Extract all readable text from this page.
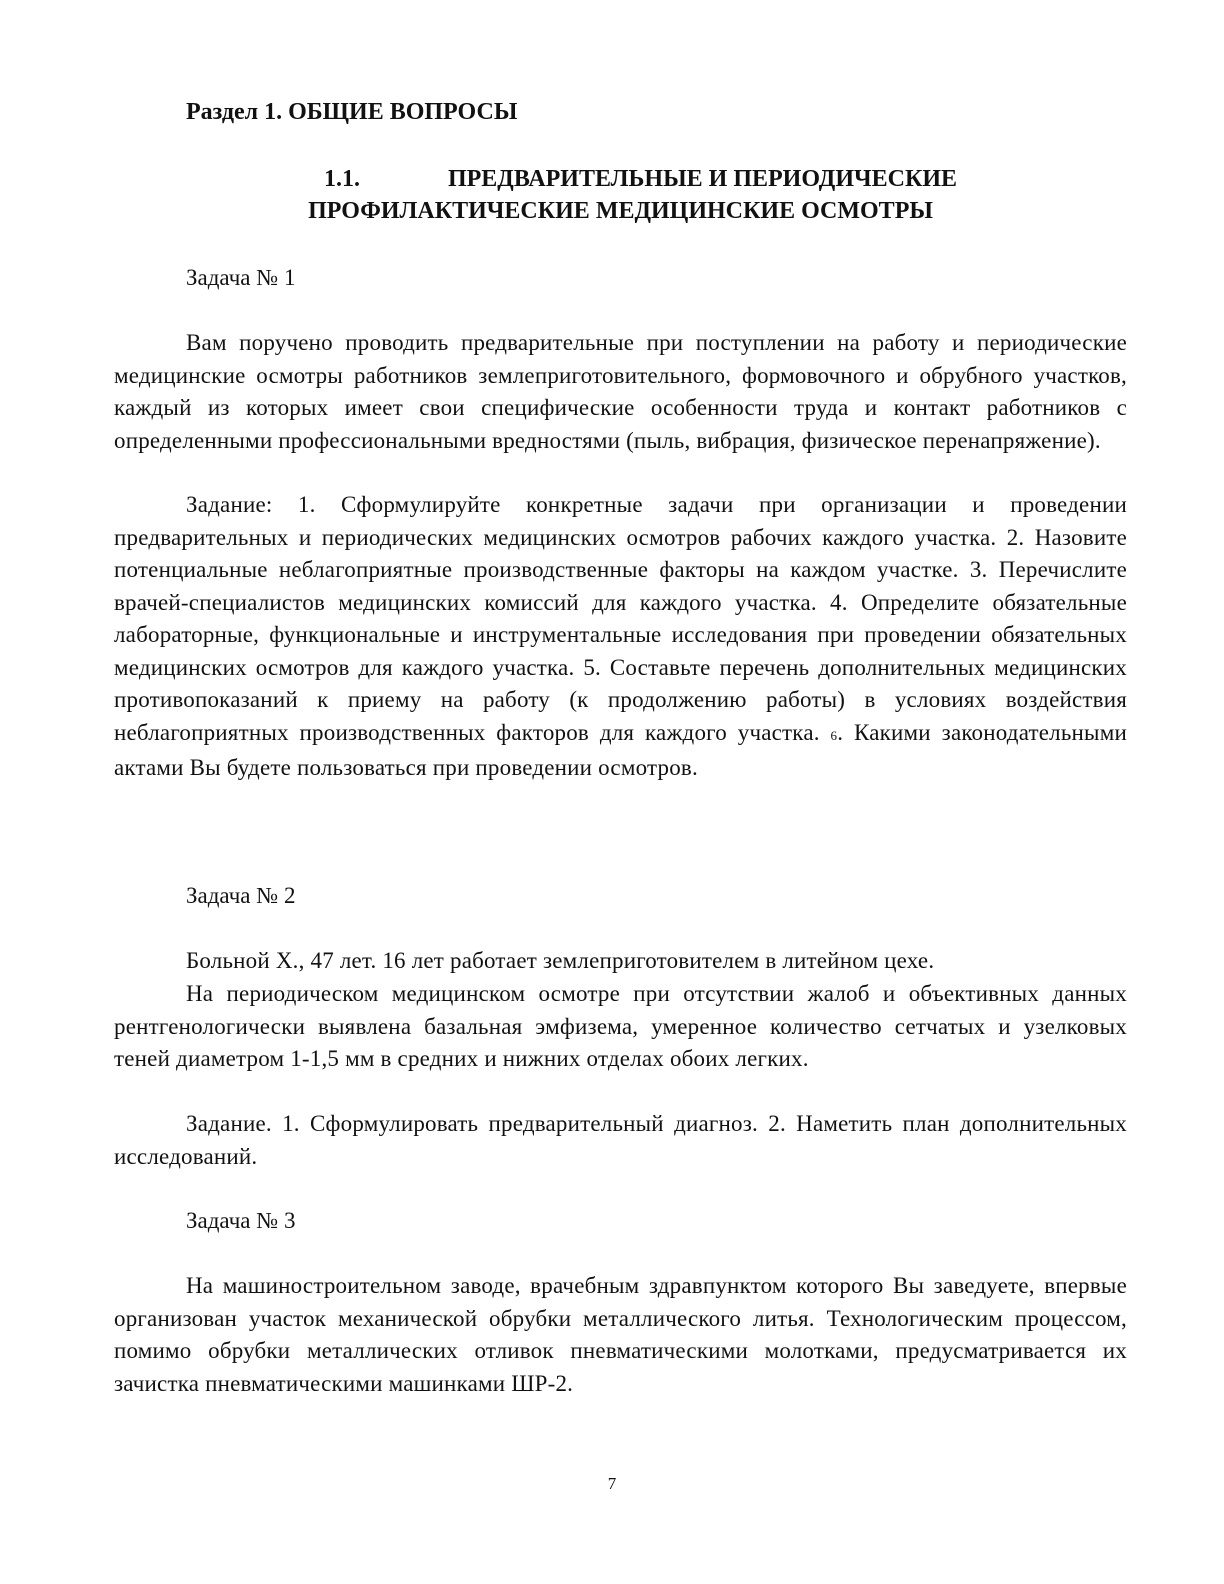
Раздел 1. ОБЩИЕ ВОПРОСЫ
1.1.	ПРЕДВАРИТЕЛЬНЫЕ И ПЕРИОДИЧЕСКИЕ
ПРОФИЛАКТИЧЕСКИЕ МЕДИЦИНСКИЕ ОСМОТРЫ

Задача № 1

Вам поручено проводить предварительные при поступлении на работу и периодические медицинские осмотры работников землеприготовительного, формовочного и обрубного участков, каждый из которых имеет свои специфические особенности труда и контакт работников с определенными профессиональными вредностями (пыль, вибрация, физическое перенапряжение).

Задание: 1. Сформулируйте конкретные задачи при организации и проведении предварительных и периодических медицинских осмотров рабочих каждого участка. 2. Назовите потенциальные неблагоприятные производственные факторы на каждом участке. 3. Перечислите врачей-специалистов медицинских комиссий для каждого участка. 4. Определите обязательные лабораторные, функциональные и инструментальные исследования при проведении обязательных медицинских осмотров для каждого участка. 5. Составьте перечень дополнительных медицинских противопоказаний к приему на работу (к продолжению работы) в условиях воздействия неблагоприятных производственных факторов для каждого участка. 6. Какими законодательными актами Вы будете пользоваться при проведении осмотров.

Задача № 2

Больной Х., 47 лет. 16 лет работает землеприготовителем в литейном цехе.

На периодическом медицинском осмотре при отсутствии жалоб и объективных данных рентгенологически выявлена базальная эмфизема, умеренное количество сетчатых и узелковых теней диаметром 1-1,5 мм в средних и нижних отделах обоих легких.

Задание. 1. Сформулировать предварительный диагноз. 2. Наметить план дополнительных исследований.

Задача № 3

На машиностроительном заводе, врачебным здравпунктом которого Вы заведуете, впервые организован участок механической обрубки металлического литья. Технологическим процессом, помимо обрубки металлических отливок пневматическими молотками, предусматривается их зачистка пневматическими машинками ШР-2.

7
